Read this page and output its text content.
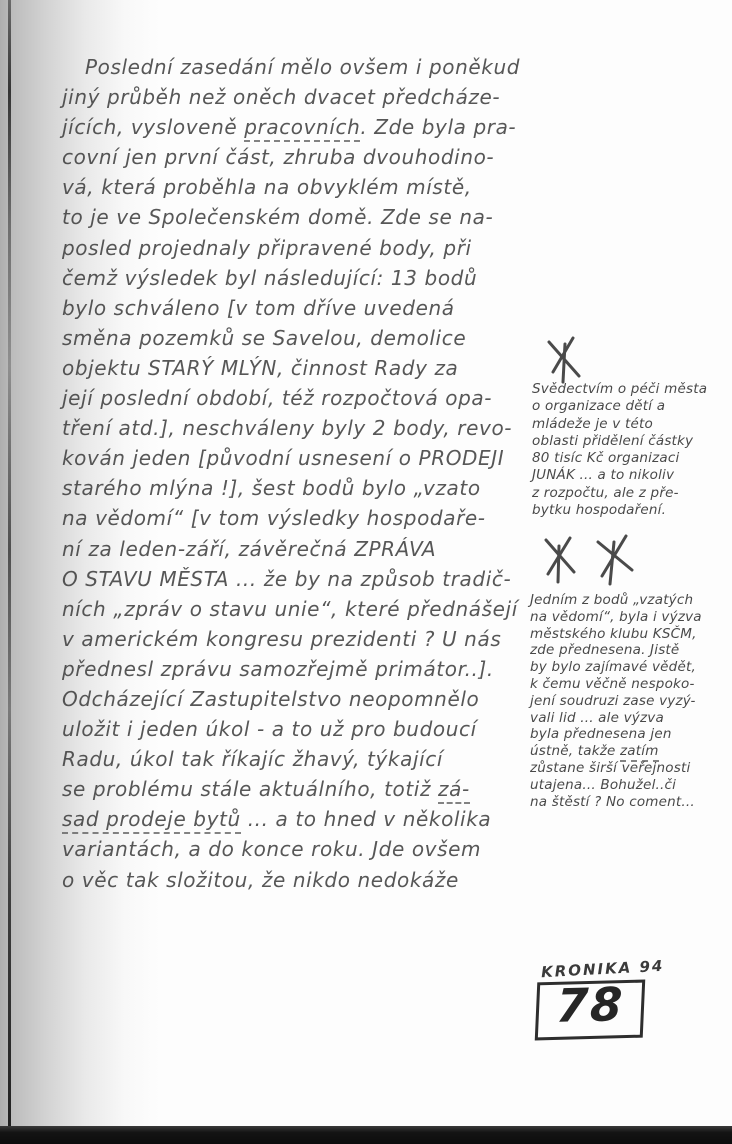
Poslední zasedání mělo ovšem i poněkud
jiný průběh než oněch dvacet předcháze-
jících, vysloveně pracovních. Zde byla pra-
covní jen první část, zhruba dvouhodino-
vá, která proběhla na obvyklém místě,
to je ve Společenském domě. Zde se na-
posled projednaly připravené body, při
čemž výsledek byl následující: 13 bodů
bylo schváleno [v tom dříve uvedená
směna pozemků se Savelou, demolice
objektu STARÝ MLÝN, činnost Rady za
její poslední období, též rozpočtová opa-
tření atd.], neschváleny byly 2 body, revo-
kován jeden [původní usnesení o PRODEJI
starého mlýna !], šest bodů bylo „vzato
na vědomí“ [v tom výsledky hospodaře-
ní za leden-září, závěrečná ZPRÁVA
O STAVU MĚSTA ... že by na způsob tradič-
ních „zpráv o stavu unie“, které přednášejí
v americkém kongresu prezidenti ? U nás
přednesl zprávu samozřejmě primátor..].
Odcházející Zastupitelstvo neopomnělo
uložit i jeden úkol - a to už pro budoucí
Radu, úkol tak říkajíc žhavý, týkající
se problému stále aktuálního, totiž zá-
sad prodeje bytů ... a to hned v několika
variantách, a do konce roku. Jde ovšem
o věc tak složitou, že nikdo nedokáže
Svědectvím o péči města
o organizace dětí a
mládeže je v této
oblasti přidělení částky
80 tisíc Kč organizaci
JUNÁK ... a to nikoliv
z rozpočtu, ale z pře-
bytku hospodaření.
Jedním z bodů „vzatých
na vědomí“, byla i výzva
městského klubu KSČM,
zde přednesena. Jistě
by bylo zajímavé vědět,
k čemu věčně nespoko-
jení soudruzi zase vyzý-
vali lid ... ale výzva
byla přednesena jen
ústně, takže zatím
zůstane širší veřejnosti
utajena... Bohužel..či
na štěstí ? No coment...
KRONIKA 94
78
